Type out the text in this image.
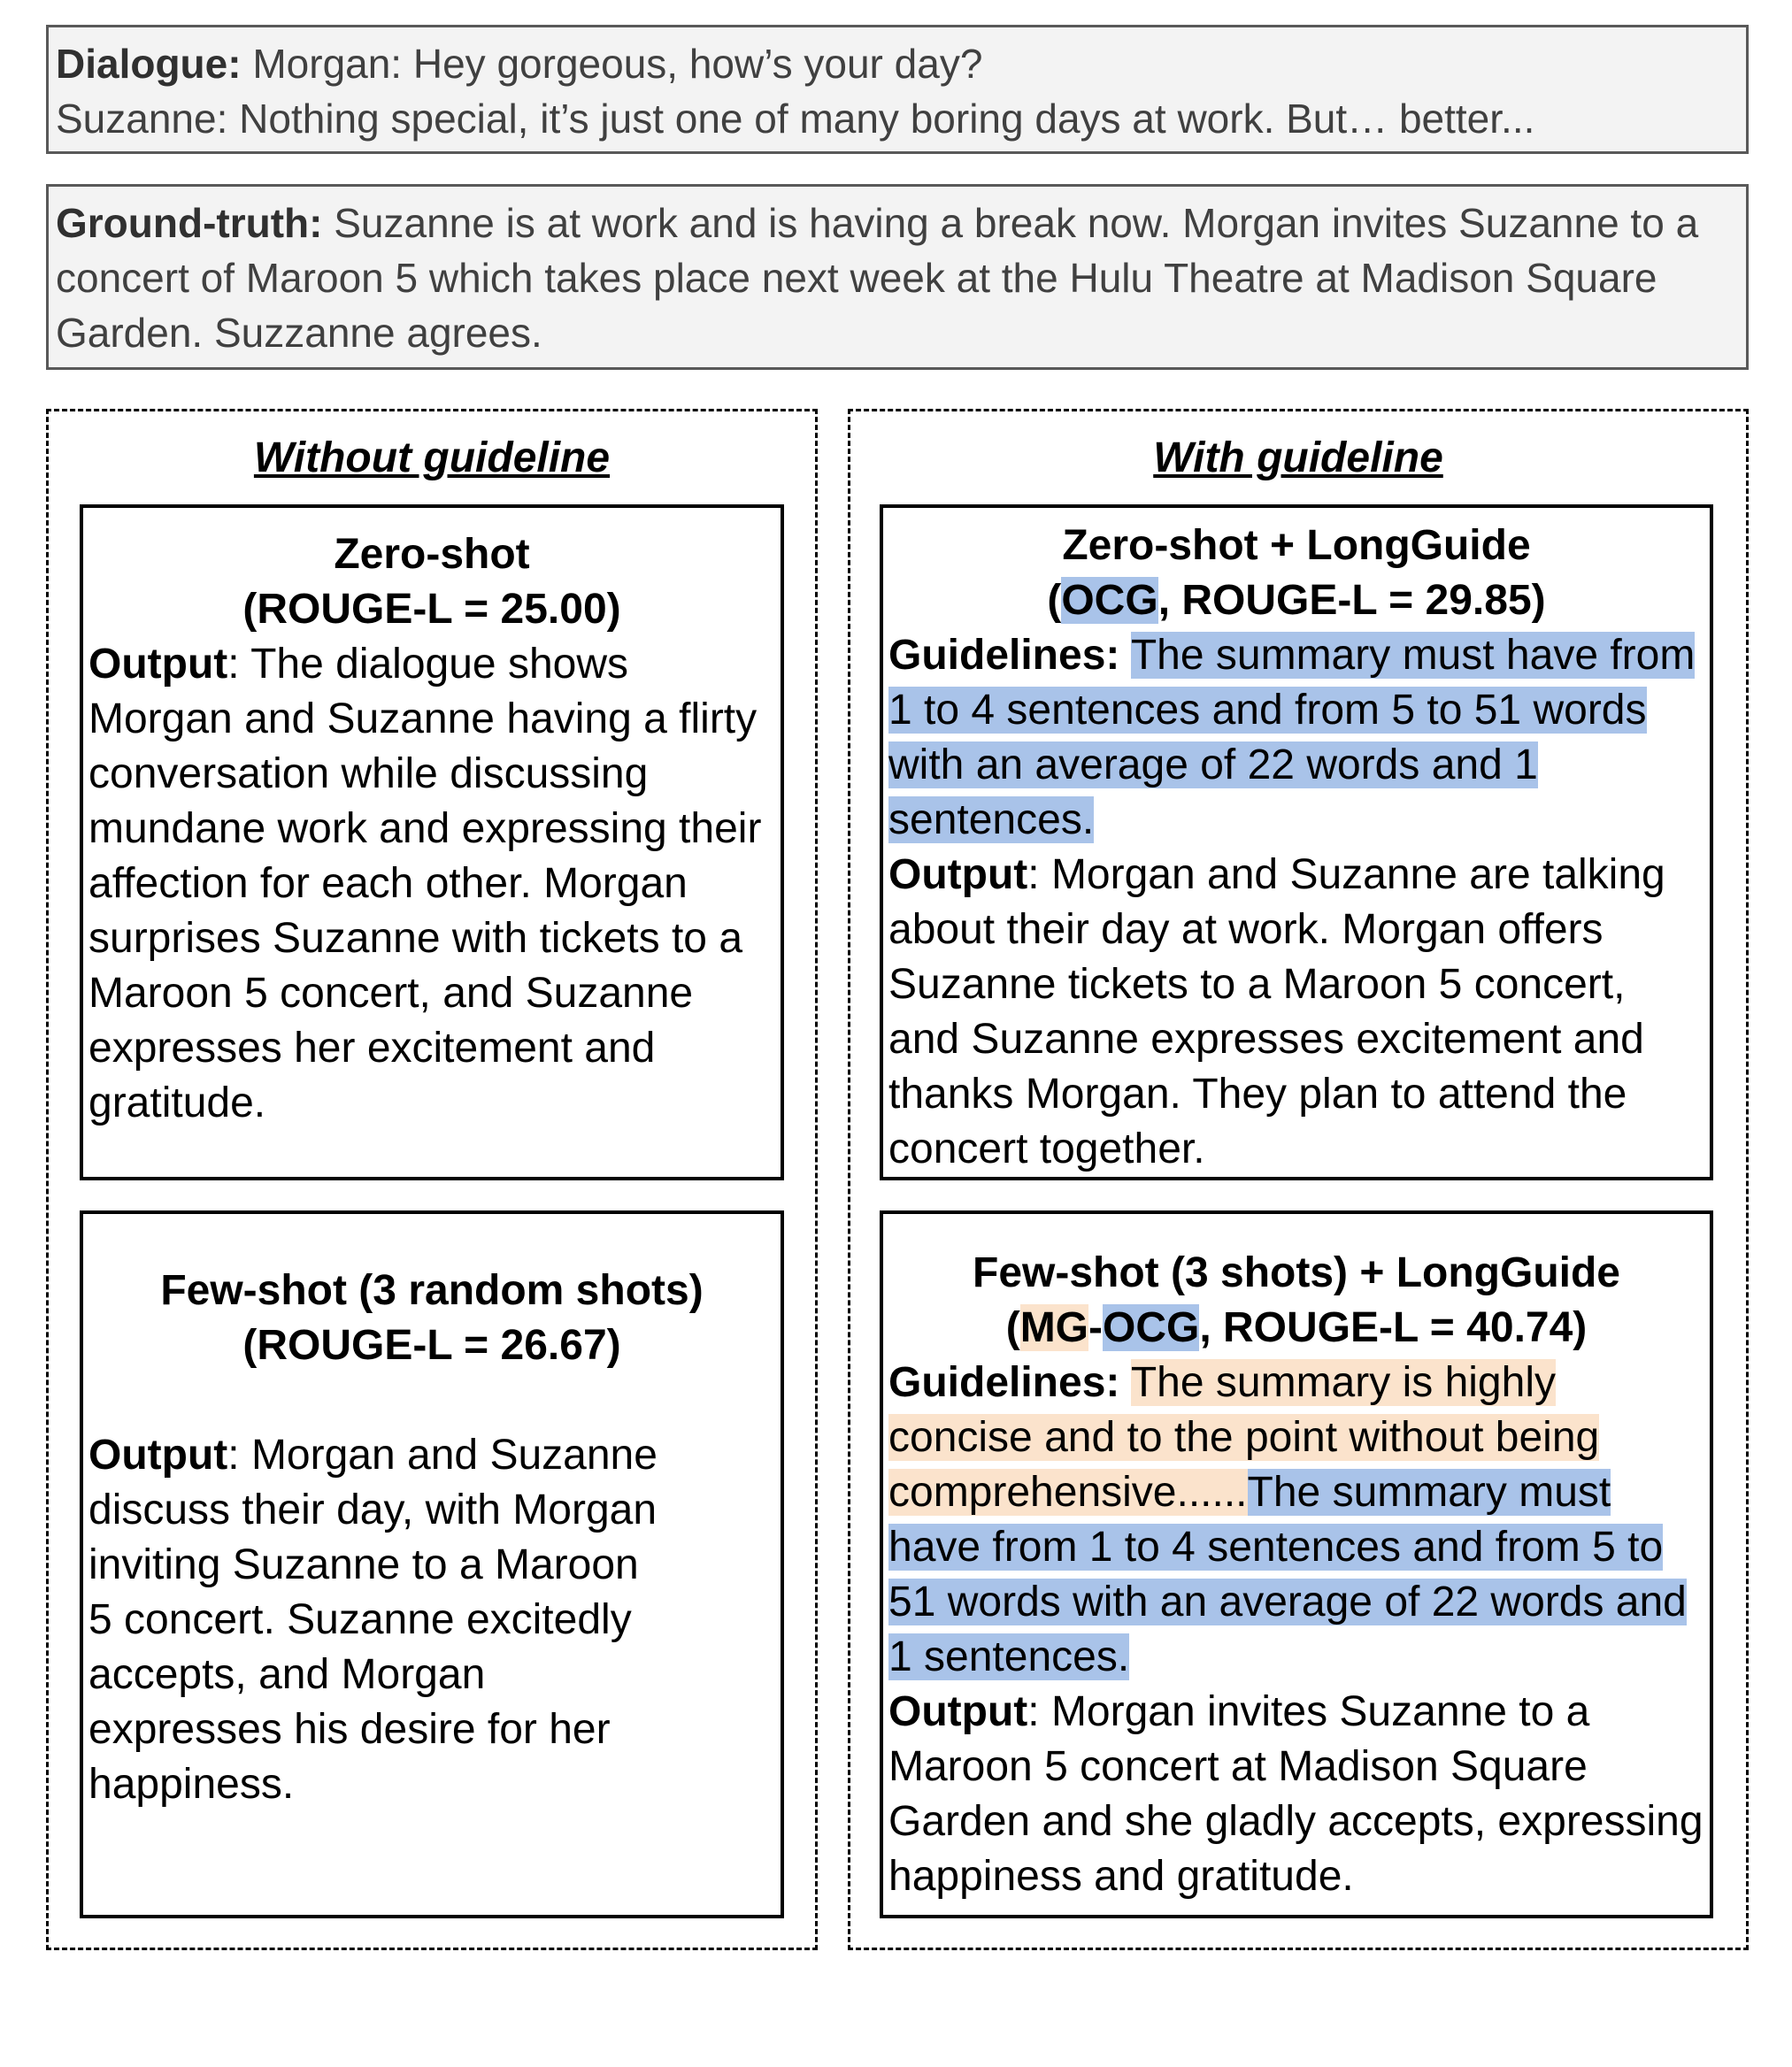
Dialogue: Morgan: Hey gorgeous, how’s your day?
Suzanne: Nothing special, it’s just one of many boring days at work. But… better...
Ground-truth: Suzanne is at work and is having a break now. Morgan invites Suzanne to a concert of Maroon 5 which takes place next week at the Hulu Theatre at Madison Square Garden. Suzzanne agrees.
Without guideline	With guideline
Zero-shot
(ROUGE-L = 25.00)
Output: The dialogue shows Morgan and Suzanne having a flirty conversation while discussing mundane work and expressing their affection for each other. Morgan surprises Suzanne with tickets to a Maroon 5 concert, and Suzanne expresses her excitement and gratitude.
Few-shot (3 random shots)
(ROUGE-L = 26.67)
Output: Morgan and Suzanne discuss their day, with Morgan inviting Suzanne to a Maroon 5 concert. Suzanne excitedly accepts, and Morgan expresses his desire for her happiness.
Zero-shot + LongGuide
(OCG, ROUGE-L = 29.85)
Guidelines: The summary must have from 1 to 4 sentences and from 5 to 51 words with an average of 22 words and 1 sentences.
Output: Morgan and Suzanne are talking about their day at work. Morgan offers Suzanne tickets to a Maroon 5 concert, and Suzanne expresses excitement and thanks Morgan. They plan to attend the concert together.
Few-shot (3 shots) + LongGuide
(MG-OCG, ROUGE-L = 40.74)
Guidelines: The summary is highly concise and to the point without being comprehensive......The summary must have from 1 to 4 sentences and from 5 to 51 words with an average of 22 words and 1 sentences.
Output: Morgan invites Suzanne to a Maroon 5 concert at Madison Square Garden and she gladly accepts, expressing happiness and gratitude.
